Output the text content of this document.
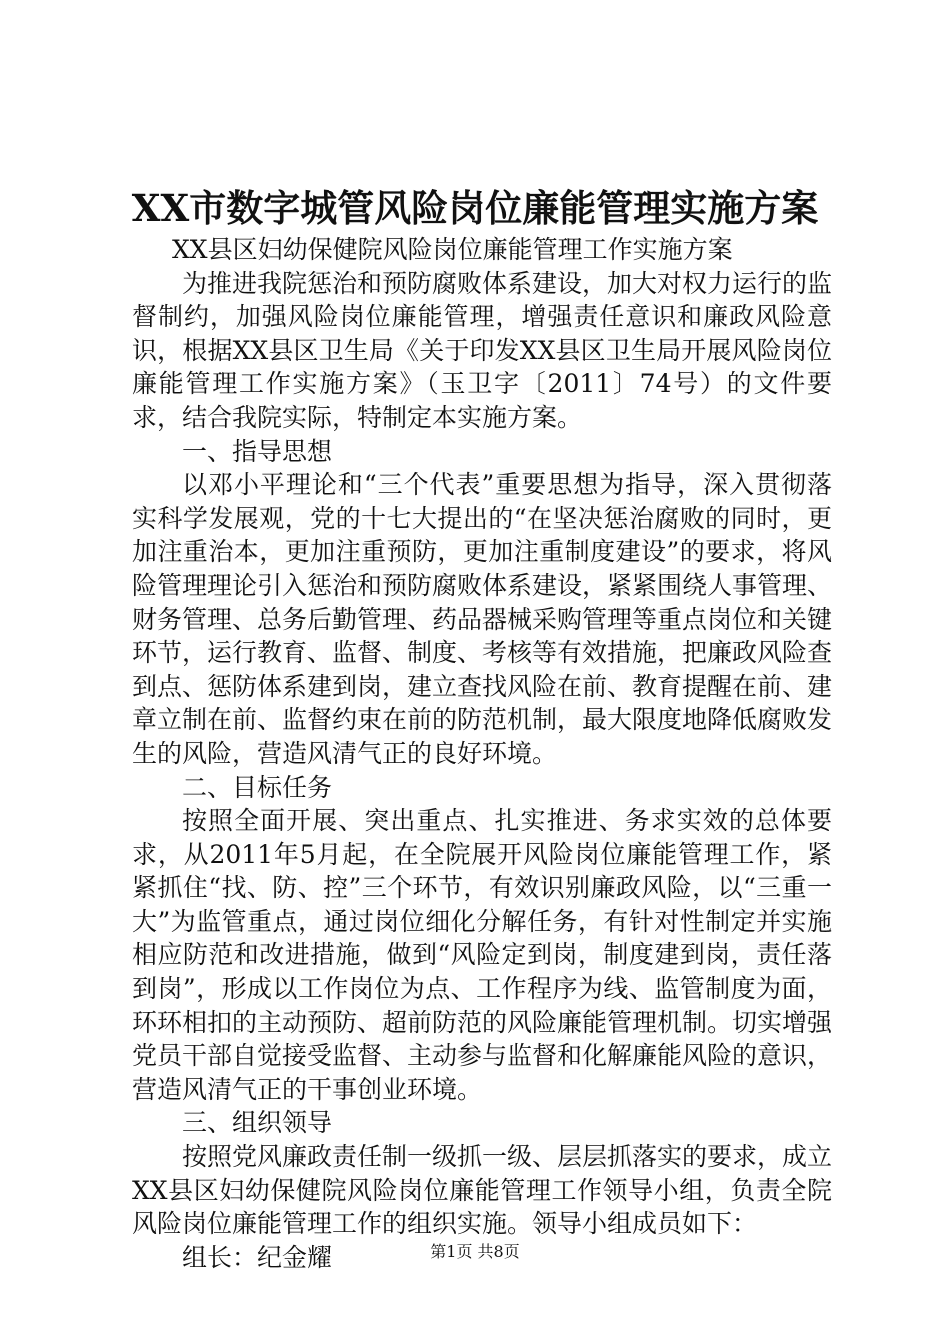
XX市数字城管风险岗位廉能管理实施方案

XX县区妇幼保健院风险岗位廉能管理工作实施方案

为推进我院惩治和预防腐败体系建设，加大对权力运行的监督制约，加强风险岗位廉能管理，增强责任意识和廉政风险意识，根据XX县区卫生局《关于印发XX县区卫生局开展风险岗位廉能管理工作实施方案》（玉卫字〔2011〕74号）的文件要求，结合我院实际，特制定本实施方案。

一、指导思想

以邓小平理论和“三个代表”重要思想为指导，深入贯彻落实科学发展观，党的十七大提出的“在坚决惩治腐败的同时，更加注重治本，更加注重预防，更加注重制度建设”的要求，将风险管理理论引入惩治和预防腐败体系建设，紧紧围绕人事管理、财务管理、总务后勤管理、药品器械采购管理等重点岗位和关键环节，运行教育、监督、制度、考核等有效措施，把廉政风险查到点、惩防体系建到岗，建立查找风险在前、教育提醒在前、建章立制在前、监督约束在前的防范机制，最大限度地降低腐败发生的风险，营造风清气正的良好环境。

二、目标任务

按照全面开展、突出重点、扎实推进、务求实效的总体要求，从2011年5月起，在全院展开风险岗位廉能管理工作，紧紧抓住“找、防、控”三个环节，有效识别廉政风险，以“三重一大”为监管重点，通过岗位细化分解任务，有针对性制定并实施相应防范和改进措施，做到“风险定到岗，制度建到岗，责任落到岗”，形成以工作岗位为点、工作程序为线、监管制度为面，环环相扣的主动预防、超前防范的风险廉能管理机制。切实增强党员干部自觉接受监督、主动参与监督和化解廉能风险的意识，营造风清气正的干事创业环境。

三、组织领导

按照党风廉政责任制一级抓一级、层层抓落实的要求，成立XX县区妇幼保健院风险岗位廉能管理工作领导小组，负责全院风险岗位廉能管理工作的组织实施。领导小组成员如下：

组长：纪金耀	第1页 共8页
